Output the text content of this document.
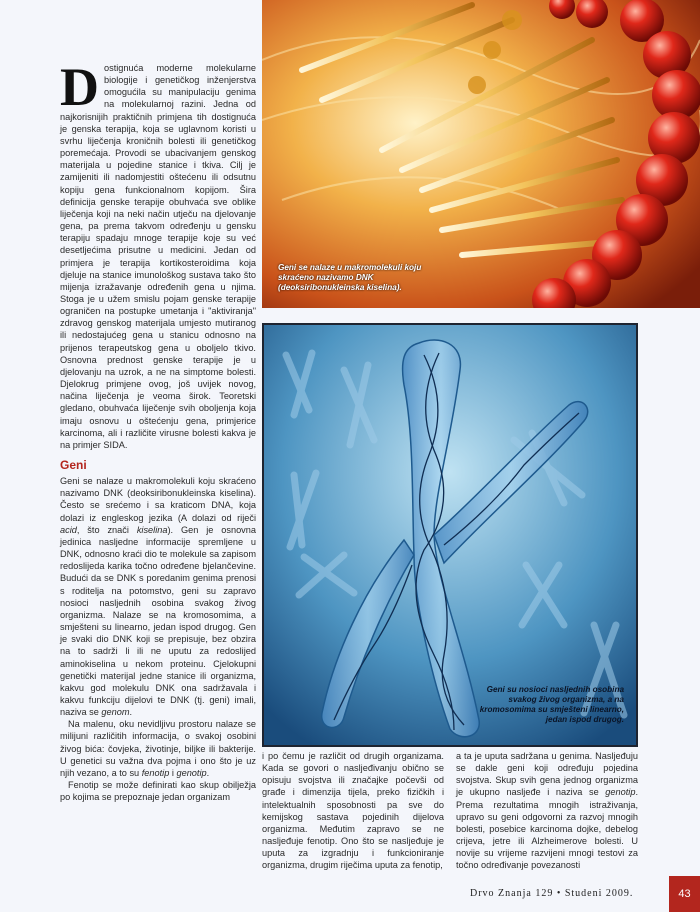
Dostignuća moderne molekularne biologije i genetičkog inženjerstva omogućila su manipulaciju genima na molekularnoj razini. Jedna od najkorisnijih praktičnih primjena tih dostignuća je genska terapija, koja se uglavnom koristi u svrhu liječenja kroničnih bolesti ili genetičkog poremećaja. Provodi se ubacivanjem genskog materijala u pojedine stanice i tkiva. Cilj je zamijeniti ili nadomjestiti oštećenu ili odsutnu kopiju gena funkcionalnom kopijom. Šira definicija genske terapije obuhvaća sve oblike liječenja koji na neki način utječu na djelovanje gena, pa prema takvom određenju u gensku terapiju spadaju mnoge terapije koje su već desetljećima prisutne u medicini. Jedan od primjera je terapija kortikosteroidima koja djeluje na stanice imunološkog sustava tako što mijenja izražavanje određenih gena u njima. Stoga je u užem smislu pojam genske terapije ograničen na postupke umetanja i "aktiviranja" zdravog genskog materijala umjesto mutiranog ili nedostajućeg gena u stanicu odnosno na prijenos terapeutskog gena u oboljelo tkivo. Osnovna prednost genske terapije je u djelovanju na uzrok, a ne na simptome bolesti. Djelokrug primjene ovog, još uvijek novog, načina liječenja je veoma širok. Teoretski gledano, obuhvaća liječenje svih oboljenja koja imaju osnovu u oštećenju gena, primjerice karcinoma, ali i različite virusne bolesti kakva je na primjer SIDA.

Geni

Geni se nalaze u makromolekuli koju skraćeno nazivamo DNK (deoksiribonukleinska kiselina). Često se srećemo i sa kraticom DNA, koja dolazi iz engleskog jezika (A dolazi od riječi acid, što znači kiselina). Gen je osnovna jedinica nasljedne informacije spremljene u DNK, odnosno kraći dio te molekule sa zapisom redoslijeda karika točno određene bjelančevine. Budući da se DNK s poredanim genima prenosi s roditelja na potomstvo, geni su zapravo nosioci nasljednih osobina svakog živog organizma. Nalaze se na kromosomima, a smješteni su linearno, jedan ispod drugog. Gen je svaki dio DNK koji se prepisuje, bez obzira na to sadrži li ili ne uputu za redoslijed aminokiselina u nekom proteinu. Cjelokupni genetički materijal jedne stanice ili organizma, kakvu god molekulu DNK ona sadržavala i kakvu funkciju dijelovi te DNK (tj. geni) imali, naziva se genom.

Na malenu, oku nevidljivu prostoru nalaze se milijuni različitih informacija, o svakoj osobini živog bića: čovjeka, životinje, biljke ili bakterije. U genetici su važna dva pojma i ono što je uz njih vezano, a to su fenotip i genotip.

Fenotip se može definirati kao skup obilježja po kojima se prepoznaje jedan organizam

Geni se nalaze u makromolekuli koju skraćeno nazivamo DNK (deoksiribonukleinska kiselina).
Geni su nosioci nasljednih osobina svakog živog organizma, a na kromosomima su smješteni linearno, jedan ispod drugog.

i po čemu je različit od drugih organizama. Kada se govori o nasljeđivanju obično se opisuju svojstva ili značajke počevši od građe i dimenzija tijela, preko fizičkih i intelektualnih sposobnosti pa sve do kemijskog sastava pojedinih dijelova organizma. Međutim zapravo se ne nasljeđuje fenotip. Ono što se nasljeđuje je uputa za izgradnju i funkcioniranje organizma, drugim riječima uputa za fenotip,

a ta je uputa sadržana u genima. Nasljeđuju se dakle geni koji određuju pojedina svojstva. Skup svih gena jednog organizma je ukupno nasljeđe i naziva se genotip. Prema rezultatima mnogih istraživanja, upravo su geni odgovorni za razvoj mnogih bolesti, posebice karcinoma dojke, debelog crijeva, jetre ili Alzheimerove bolesti. U novije su vrijeme razvijeni mnogi testovi za točno određivanje povezanosti

Drvo Znanja 129 • Studeni 2009.	43
